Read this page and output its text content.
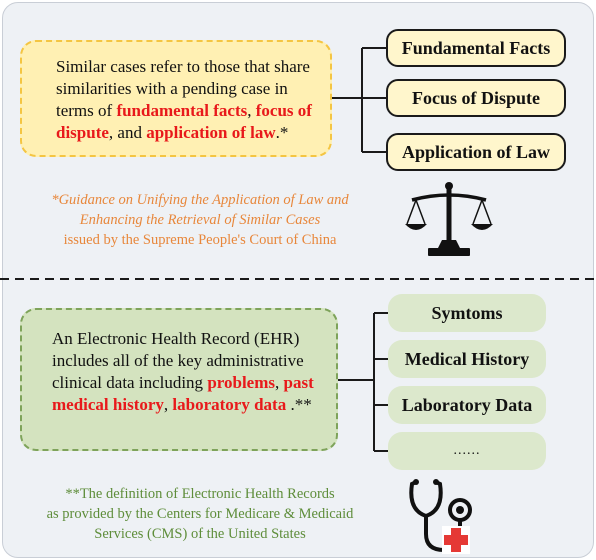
Similar cases refer to those that share similarities with a pending case in terms of fundamental facts, focus of dispute, and application of law.*
Fundamental Facts
Focus of Dispute
Application of Law
*Guidance on Unifying the Application of Law and
Enhancing the Retrieval of Similar Cases
issued by the Supreme People's Court of China
An Electronic Health Record (EHR) includes all of the key administrative clinical data including problems, past medical history, laboratory data .**
Symtoms
Medical History
Laboratory Data
......
**The definition of Electronic Health Records
as provided by the Centers for Medicare & Medicaid
Services (CMS) of the United States
